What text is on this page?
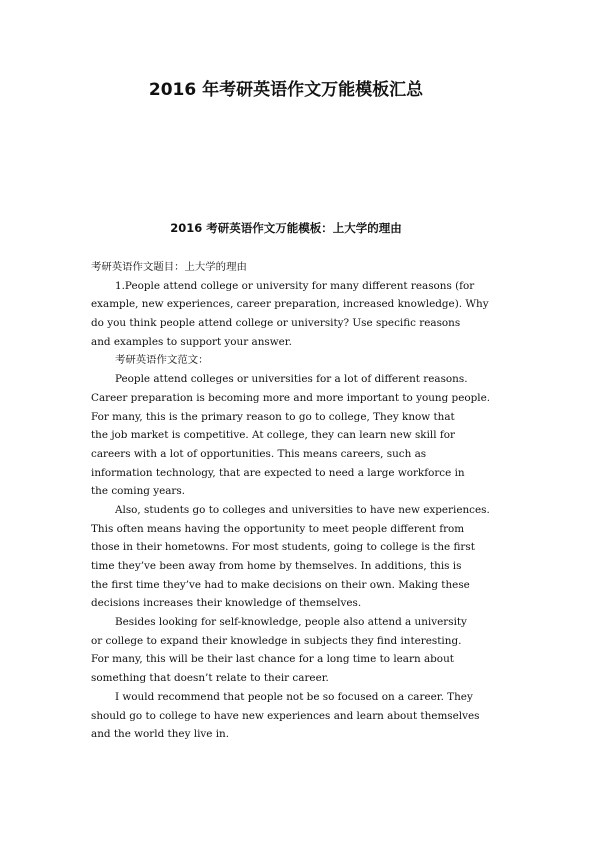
2016 年考研英语作文万能模板汇总
2016 考研英语作文万能模板：上大学的理由
考研英语作文题目：上大学的理由
1.People attend college or university for many different reasons (for
example, new experiences, career preparation, increased knowledge). Why
do you think people attend college or university? Use specific reasons
and examples to support your answer.
考研英语作文范文：
People attend colleges or universities for a lot of different reasons.
Career preparation is becoming more and more important to young people.
For many, this is the primary reason to go to college, They know that
the job market is competitive. At college, they can learn new skill for
careers with a lot of opportunities. This means careers, such as
information technology, that are expected to need a large workforce in
the coming years.
Also, students go to colleges and universities to have new experiences.
This often means having the opportunity to meet people different from
those in their hometowns. For most students, going to college is the first
time they’ve been away from home by themselves. In additions, this is
the first time they’ve had to make decisions on their own. Making these
decisions increases their knowledge of themselves.
Besides looking for self-knowledge, people also attend a university
or college to expand their knowledge in subjects they find interesting.
For many, this will be their last chance for a long time to learn about
something that doesn’t relate to their career.
I would recommend that people not be so focused on a career. They
should go to college to have new experiences and learn about themselves
and the world they live in.
